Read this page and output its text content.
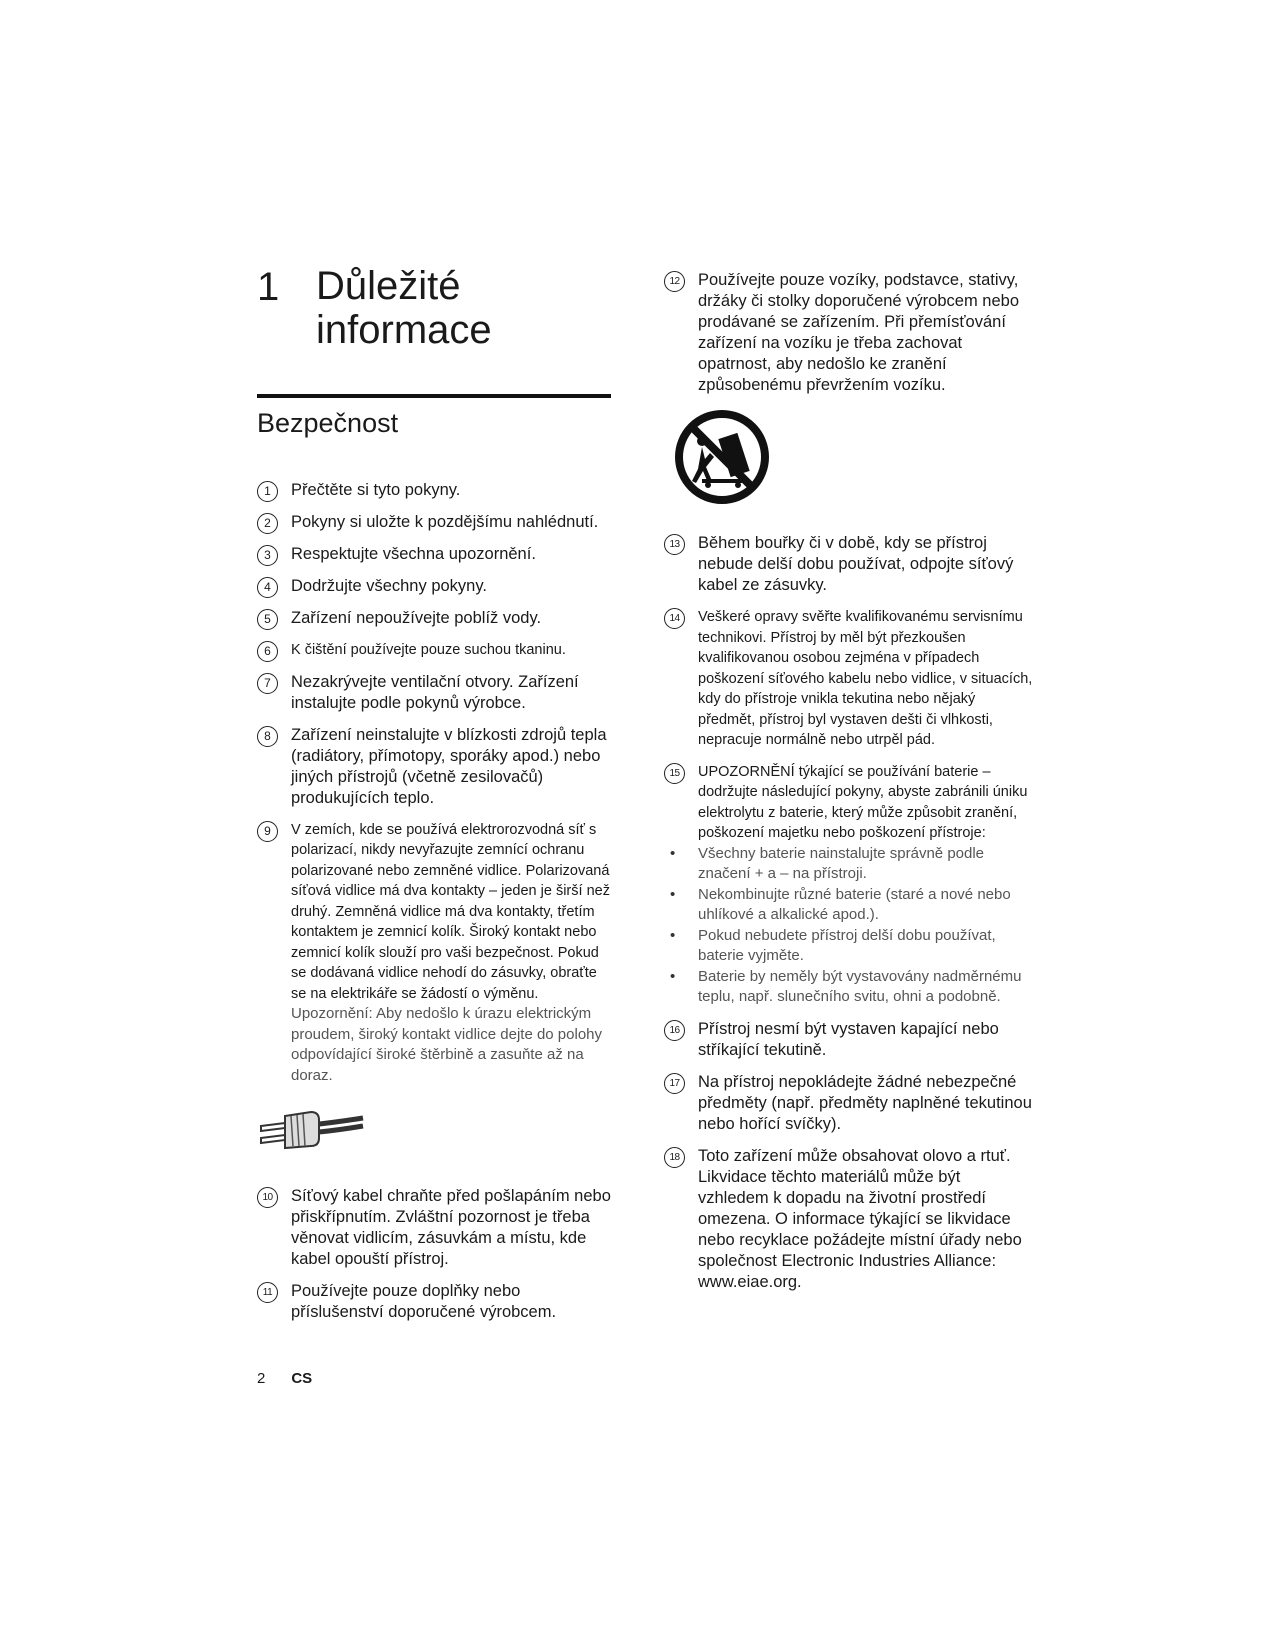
1 Důležité
informace
Bezpečnost
1	Přečtěte si tyto pokyny.
2	Pokyny si uložte k pozdějšímu nahlédnutí.
3	Respektujte všechna upozornění.
4	Dodržujte všechny pokyny.
5	Zařízení nepoužívejte poblíž vody.
6	K čištění používejte pouze suchou tkaninu.
7	Nezakrývejte ventilační otvory. Zařízení instalujte podle pokynů výrobce.
8	Zařízení neinstalujte v blízkosti zdrojů tepla (radiátory, přímotopy, sporáky apod.) nebo jiných přístrojů (včetně zesilovačů) produkujících teplo.
9	V zemích, kde se používá elektrorozvodná síť s polarizací, nikdy nevyřazujte zemnící ochranu polarizované nebo zemněné vidlice. Polarizovaná síťová vidlice má dva kontakty – jeden je širší než druhý. Zemněná vidlice má dva kontakty, třetím kontaktem je zemnicí kolík. Široký kontakt nebo zemnicí kolík slouží pro vaši bezpečnost. Pokud se dodávaná vidlice nehodí do zásuvky, obraťte se na elektrikáře se žádostí o výměnu.
Upozornění: Aby nedošlo k úrazu elektrickým proudem, široký kontakt vidlice dejte do polohy odpovídající široké štěrbině a zasuňte až na doraz.
10	Síťový kabel chraňte před pošlapáním nebo přiskřípnutím. Zvláštní pozornost je třeba věnovat vidlicím, zásuvkám a místu, kde kabel opouští přístroj.
11	Používejte pouze doplňky nebo příslušenství doporučené výrobcem.
12	Používejte pouze vozíky, podstavce, stativy, držáky či stolky doporučené výrobcem nebo prodávané se zařízením. Při přemísťování zařízení na vozíku je třeba zachovat opatrnost, aby nedošlo ke zranění způsobenému převržením vozíku.
13	Během bouřky či v době, kdy se přístroj nebude delší dobu používat, odpojte síťový kabel ze zásuvky.
14	Veškeré opravy svěřte kvalifikovanému servisnímu technikovi. Přístroj by měl být přezkoušen kvalifikovanou osobou zejména v případech poškození síťového kabelu nebo vidlice, v situacích, kdy do přístroje vnikla tekutina nebo nějaký předmět, přístroj byl vystaven dešti či vlhkosti, nepracuje normálně nebo utrpěl pád.
15	UPOZORNĚNÍ týkající se používání baterie – dodržujte následující pokyny, abyste zabránili úniku elektrolytu z baterie, který může způsobit zranění, poškození majetku nebo poškození přístroje:
• Všechny baterie nainstalujte správně podle značení + a – na přístroji.
• Nekombinujte různé baterie (staré a nové nebo uhlíkové a alkalické apod.).
• Pokud nebudete přístroj delší dobu používat, baterie vyjměte.
• Baterie by neměly být vystavovány nadměrnému teplu, např. slunečního svitu, ohni a podobně.
16	Přístroj nesmí být vystaven kapající nebo stříkající tekutině.
17	Na přístroj nepokládejte žádné nebezpečné předměty (např. předměty naplněné tekutinou nebo hořící svíčky).
18	Toto zařízení může obsahovat olovo a rtuť. Likvidace těchto materiálů může být vzhledem k dopadu na životní prostředí omezena. O informace týkající se likvidace nebo recyklace požádejte místní úřady nebo společnost Electronic Industries Alliance: www.eiae.org.
2 CS
